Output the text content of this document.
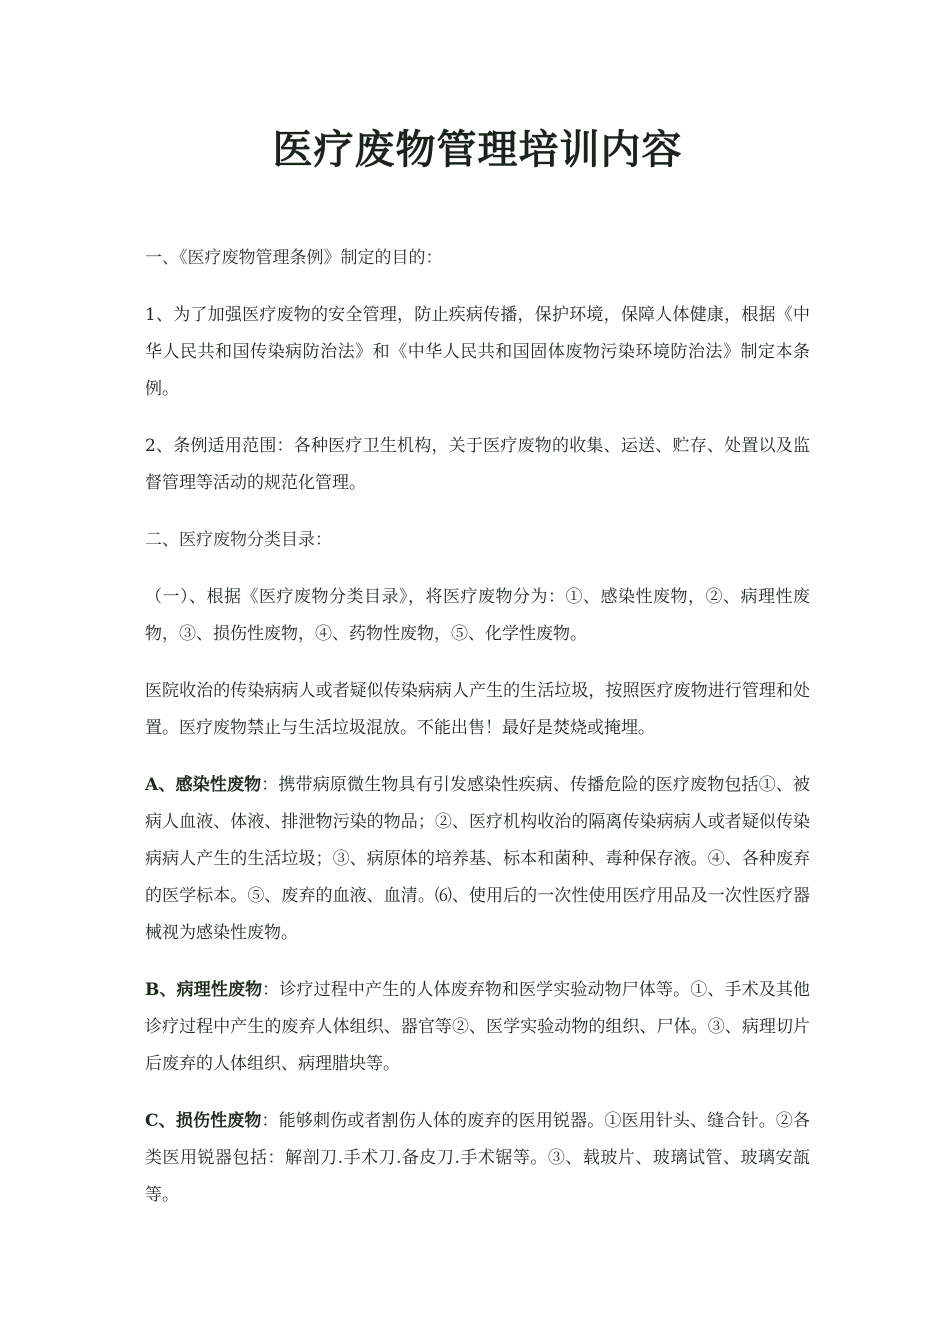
医疗废物管理培训内容

一、《医疗废物管理条例》制定的目的：

1、为了加强医疗废物的安全管理，防止疾病传播，保护环境，保障人体健康，根据《中华人民共和国传染病防治法》和《中华人民共和国固体废物污染环境防治法》制定本条例。

2、条例适用范围：各种医疗卫生机构，关于医疗废物的收集、运送、贮存、处置以及监督管理等活动的规范化管理。

二、医疗废物分类目录：

（一）、根据《医疗废物分类目录》，将医疗废物分为：①、感染性废物，②、病理性废物，③、损伤性废物，④、药物性废物，⑤、化学性废物。

医院收治的传染病病人或者疑似传染病病人产生的生活垃圾，按照医疗废物进行管理和处置。医疗废物禁止与生活垃圾混放。不能出售！最好是焚烧或掩埋。

A、感染性废物：携带病原微生物具有引发感染性疾病、传播危险的医疗废物包括①、被病人血液、体液、排泄物污染的物品；②、医疗机构收治的隔离传染病病人或者疑似传染病病人产生的生活垃圾；③、病原体的培养基、标本和菌种、毒种保存液。④、各种废弃的医学标本。⑤、废弃的血液、血清。⑹、使用后的一次性使用医疗用品及一次性医疗器械视为感染性废物。

B、病理性废物：诊疗过程中产生的人体废弃物和医学实验动物尸体等。①、手术及其他诊疗过程中产生的废弃人体组织、器官等②、医学实验动物的组织、尸体。③、病理切片后废弃的人体组织、病理腊块等。

C、损伤性废物：能够刺伤或者割伤人体的废弃的医用锐器。①医用针头、缝合针。②各类医用锐器包括：解剖刀.手术刀.备皮刀.手术锯等。③、载玻片、玻璃试管、玻璃安瓿等。
